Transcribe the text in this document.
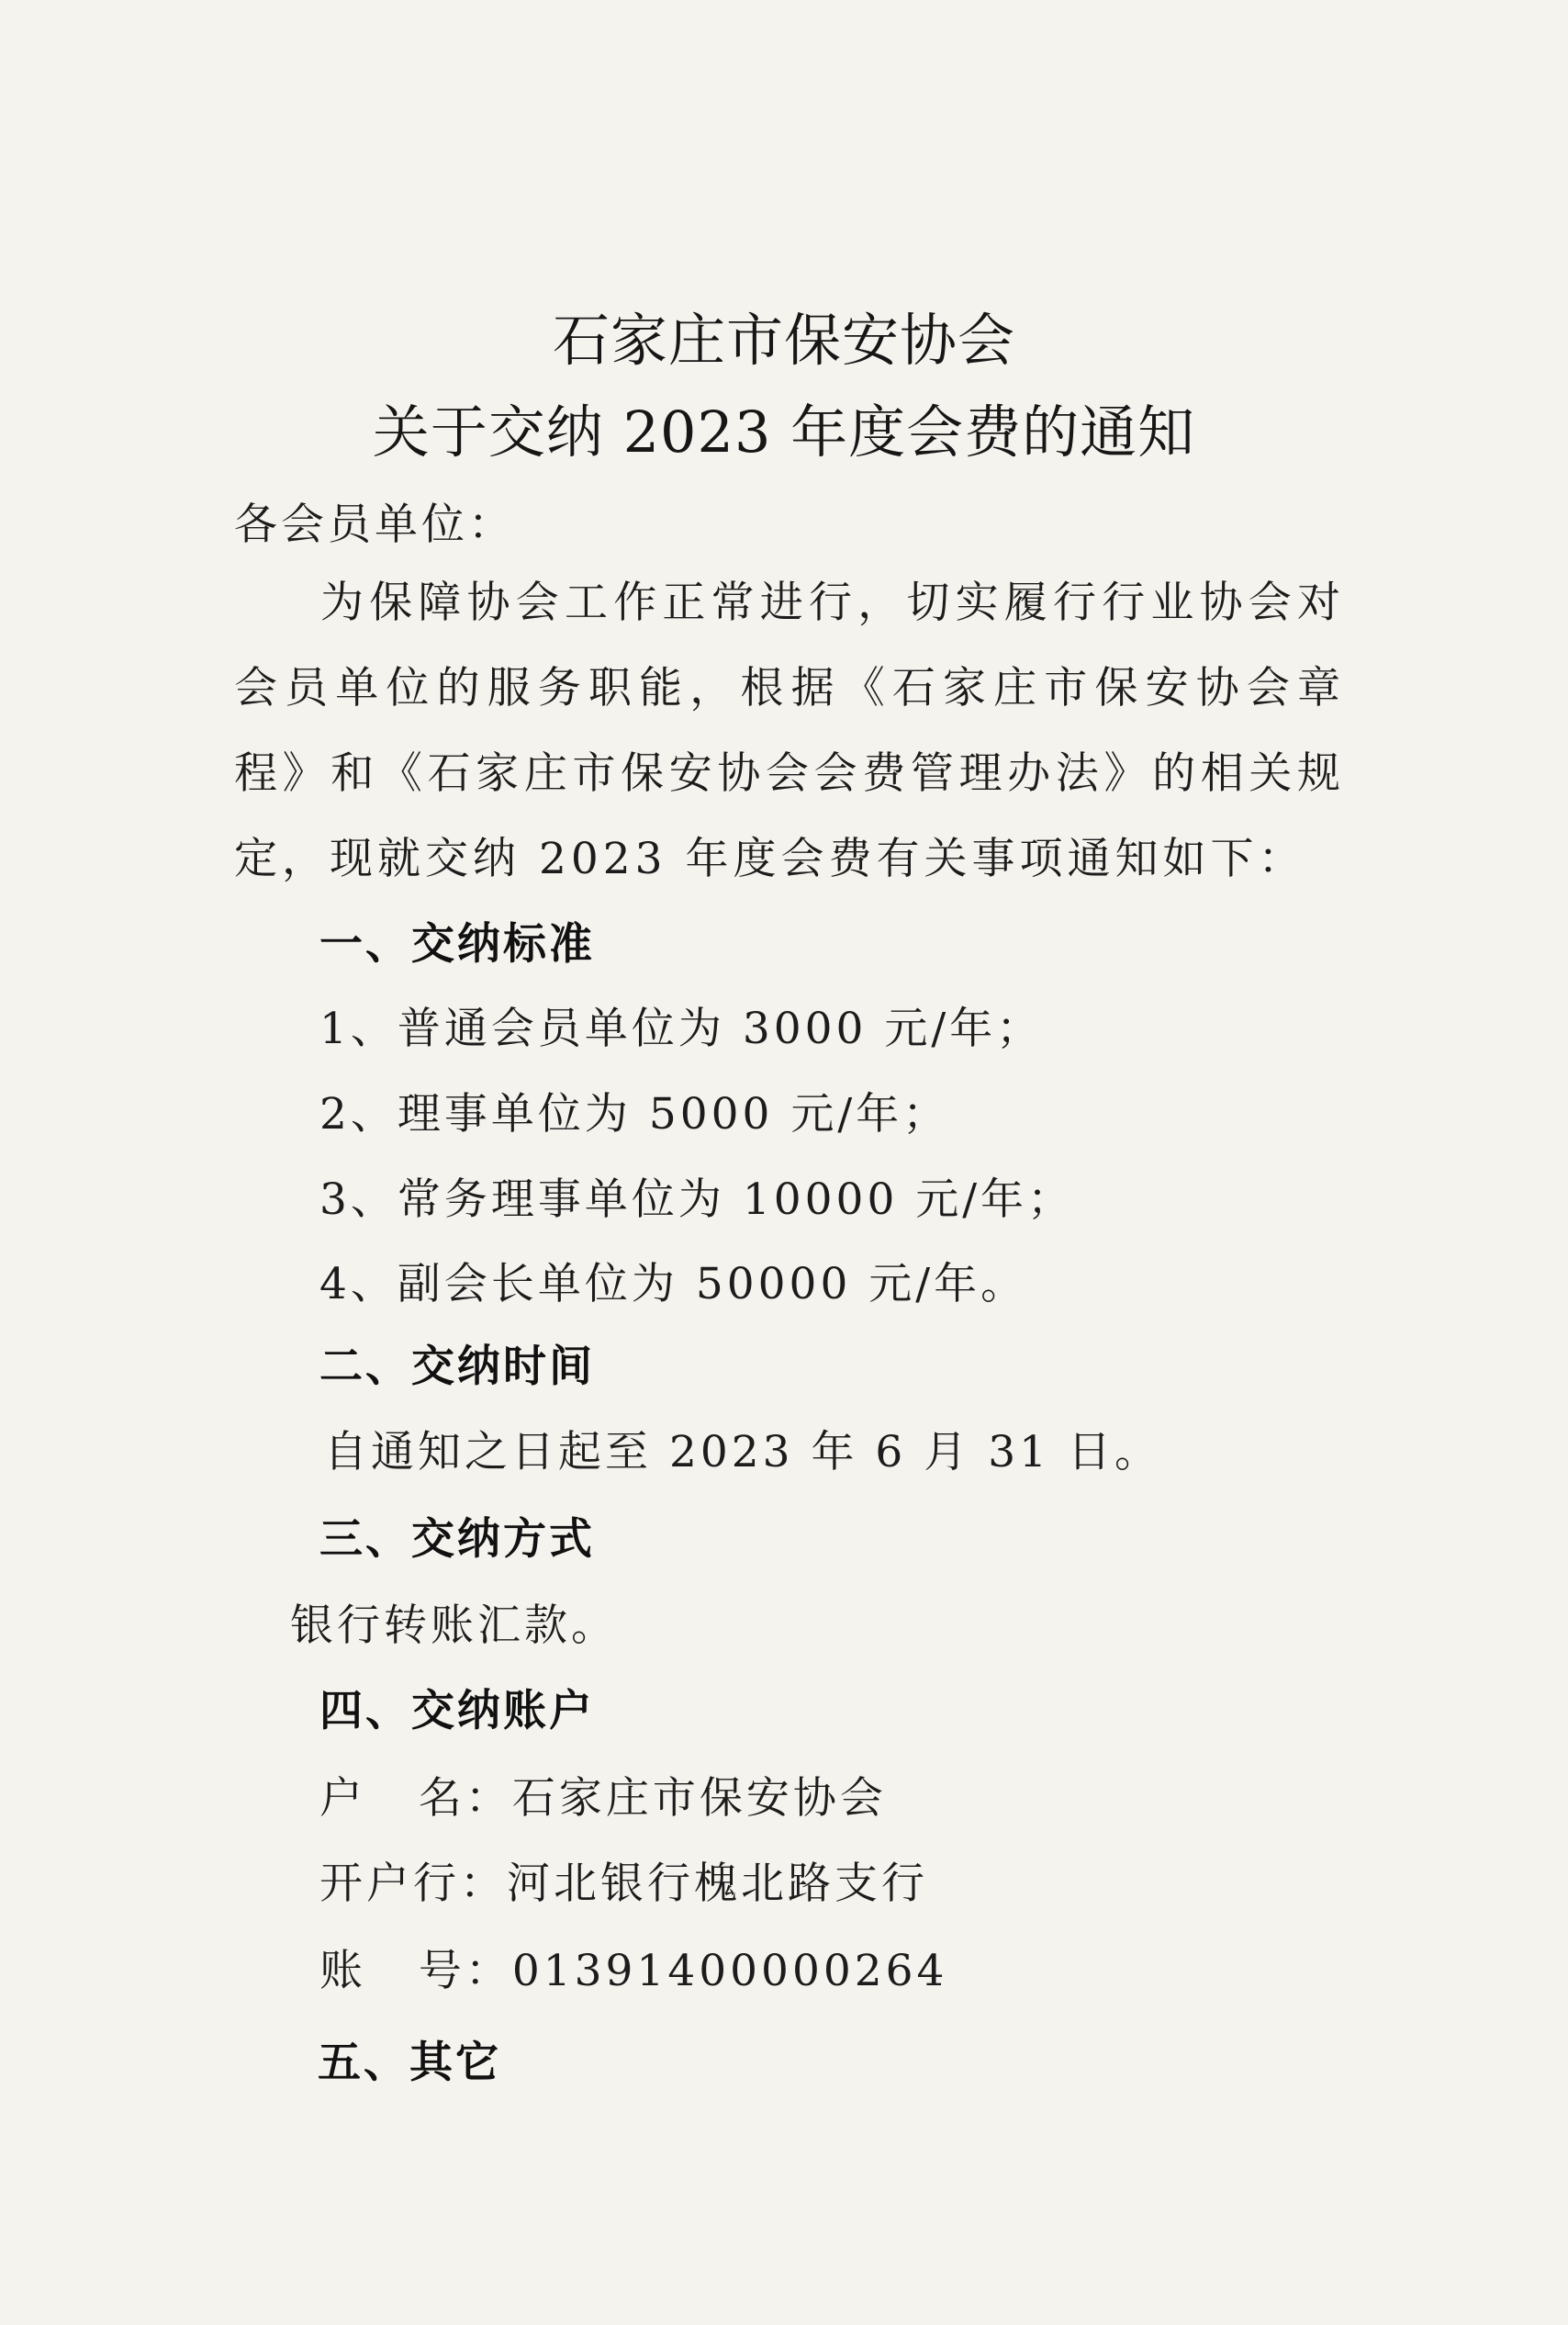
石家庄市保安协会
关于交纳 2023 年度会费的通知
各会员单位：
为保障协会工作正常进行，切实履行行业协会对会员单位的服务职能，根据《石家庄市保安协会章程》和《石家庄市保安协会会费管理办法》的相关规定，现就交纳 2023 年度会费有关事项通知如下：
一、交纳标准
1、普通会员单位为 3000 元/年；
2、理事单位为 5000 元/年；
3、常务理事单位为 10000 元/年；
4、副会长单位为 50000 元/年。
二、交纳时间
自通知之日起至 2023 年 6 月 31 日。
三、交纳方式
银行转账汇款。
四、交纳账户
户   名：石家庄市保安协会
开户行：河北银行槐北路支行
账   号：01391400000264
五、其它
